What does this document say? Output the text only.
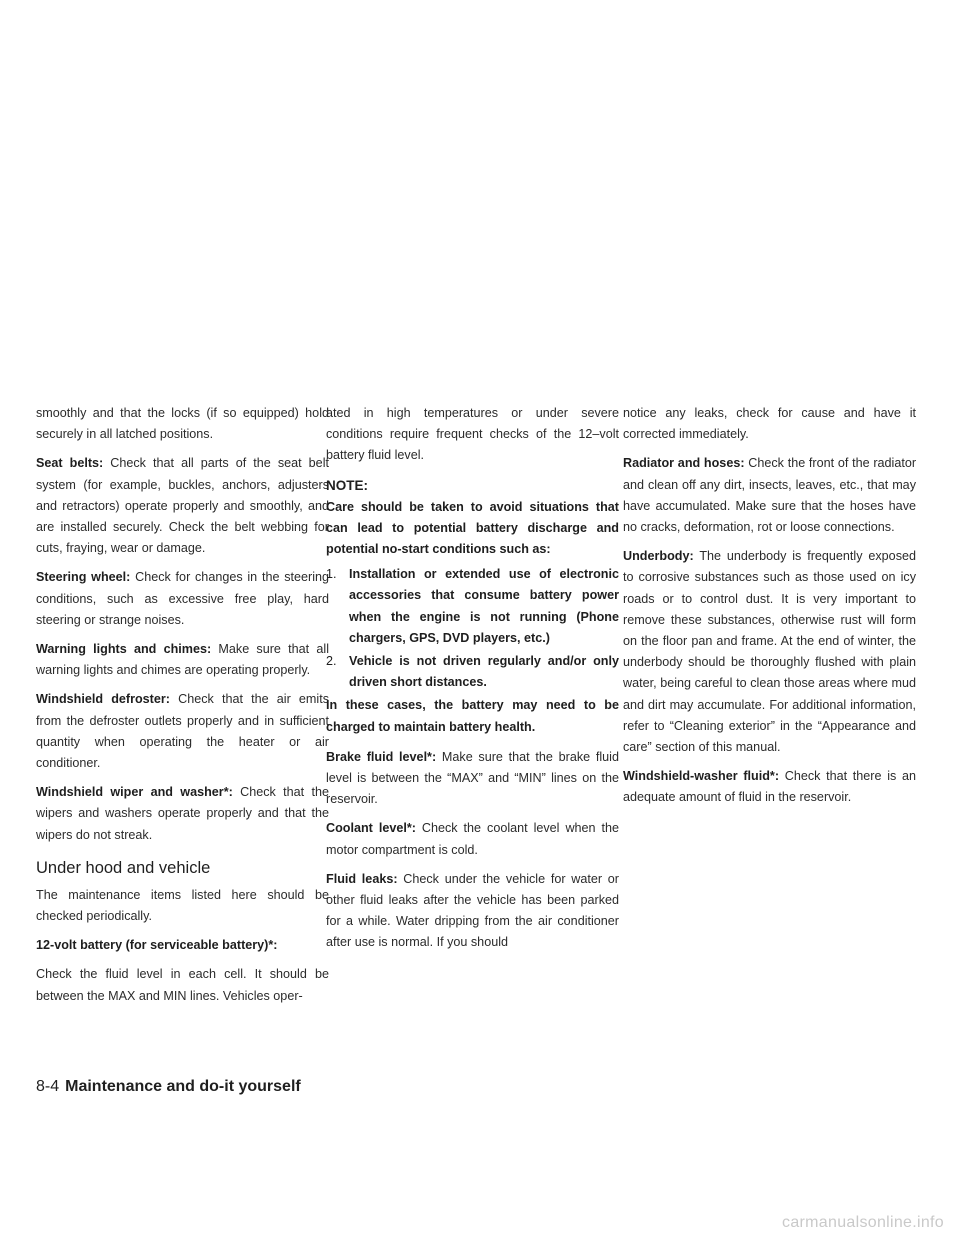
smoothly and that the locks (if so equipped) hold securely in all latched positions.

Seat belts: Check that all parts of the seat belt system (for example, buckles, anchors, adjusters and retractors) operate properly and smoothly, and are installed securely. Check the belt webbing for cuts, fraying, wear or damage.

Steering wheel: Check for changes in the steering conditions, such as excessive free play, hard steering or strange noises.

Warning lights and chimes: Make sure that all warning lights and chimes are operating properly.

Windshield defroster: Check that the air emits from the defroster outlets properly and in sufficient quantity when operating the heater or air conditioner.

Windshield wiper and washer*: Check that the wipers and washers operate properly and that the wipers do not streak.

Under hood and vehicle

The maintenance items listed here should be checked periodically.

12-volt battery (for serviceable battery)*:

Check the fluid level in each cell. It should be between the MAX and MIN lines. Vehicles oper-

ated in high temperatures or under severe conditions require frequent checks of the 12–volt battery fluid level.

NOTE:

Care should be taken to avoid situations that can lead to potential battery discharge and potential no-start conditions such as:

1. Installation or extended use of electronic accessories that consume battery power when the engine is not running (Phone chargers, GPS, DVD players, etc.)
2. Vehicle is not driven regularly and/or only driven short distances.

In these cases, the battery may need to be charged to maintain battery health.

Brake fluid level*: Make sure that the brake fluid level is between the “MAX” and “MIN” lines on the reservoir.

Coolant level*: Check the coolant level when the motor compartment is cold.

Fluid leaks: Check under the vehicle for water or other fluid leaks after the vehicle has been parked for a while. Water dripping from the air conditioner after use is normal. If you should

notice any leaks, check for cause and have it corrected immediately.

Radiator and hoses: Check the front of the radiator and clean off any dirt, insects, leaves, etc., that may have accumulated. Make sure that the hoses have no cracks, deformation, rot or loose connections.

Underbody: The underbody is frequently exposed to corrosive substances such as those used on icy roads or to control dust. It is very important to remove these substances, otherwise rust will form on the floor pan and frame. At the end of winter, the underbody should be thoroughly flushed with plain water, being careful to clean those areas where mud and dirt may accumulate. For additional information, refer to “Cleaning exterior” in the “Appearance and care” section of this manual.

Windshield-washer fluid*: Check that there is an adequate amount of fluid in the reservoir.

8-4 Maintenance and do-it yourself
carmanualsonline.info
